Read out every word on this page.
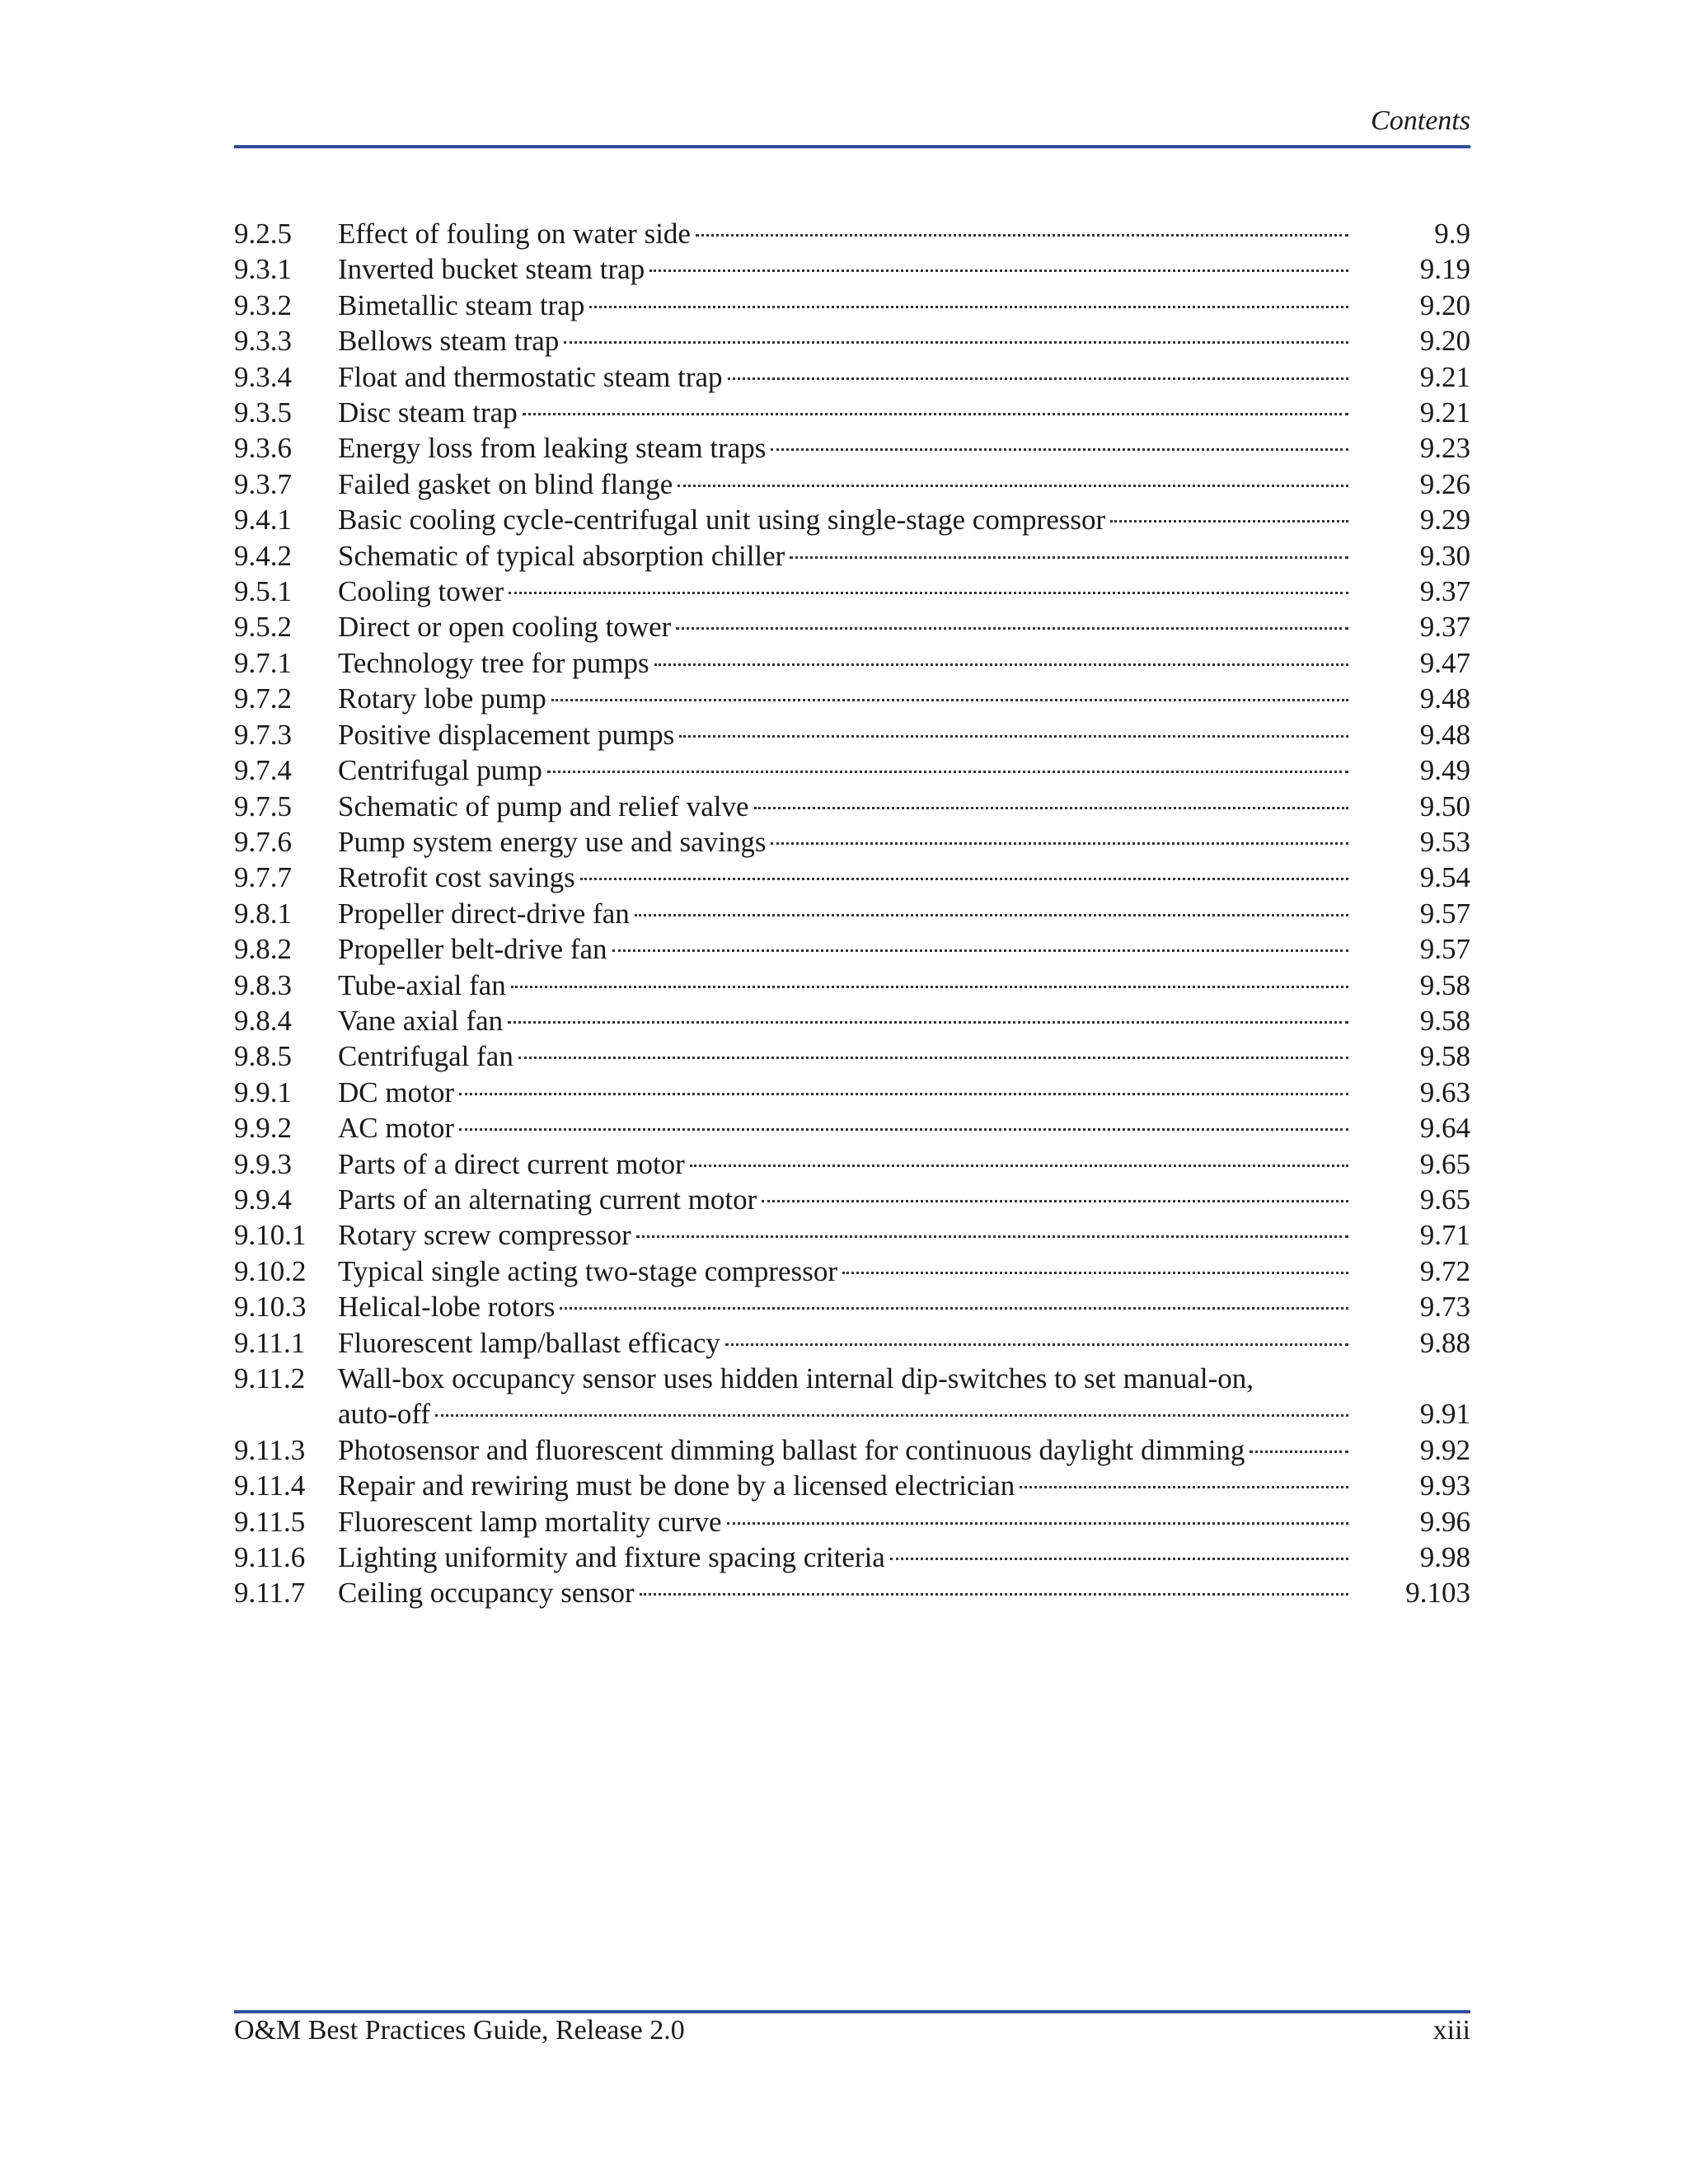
Contents
9.2.5	Effect of fouling on water side	9.9
9.3.1	Inverted bucket steam trap	9.19
9.3.2	Bimetallic steam trap	9.20
9.3.3	Bellows steam trap	9.20
9.3.4	Float and thermostatic steam trap	9.21
9.3.5	Disc steam trap	9.21
9.3.6	Energy loss from leaking steam traps	9.23
9.3.7	Failed gasket on blind flange	9.26
9.4.1	Basic cooling cycle-centrifugal unit using single-stage compressor	9.29
9.4.2	Schematic of typical absorption chiller	9.30
9.5.1	Cooling tower	9.37
9.5.2	Direct or open cooling tower	9.37
9.7.1	Technology tree for pumps	9.47
9.7.2	Rotary lobe pump	9.48
9.7.3	Positive displacement pumps	9.48
9.7.4	Centrifugal pump	9.49
9.7.5	Schematic of pump and relief valve	9.50
9.7.6	Pump system energy use and savings	9.53
9.7.7	Retrofit cost savings	9.54
9.8.1	Propeller direct-drive fan	9.57
9.8.2	Propeller belt-drive fan	9.57
9.8.3	Tube-axial fan	9.58
9.8.4	Vane axial fan	9.58
9.8.5	Centrifugal fan	9.58
9.9.1	DC motor	9.63
9.9.2	AC motor	9.64
9.9.3	Parts of a direct current motor	9.65
9.9.4	Parts of an alternating current motor	9.65
9.10.1	Rotary screw compressor	9.71
9.10.2	Typical single acting two-stage compressor	9.72
9.10.3	Helical-lobe rotors	9.73
9.11.1	Fluorescent lamp/ballast efficacy	9.88
9.11.2	Wall-box occupancy sensor uses hidden internal dip-switches to set manual-on,
auto-off	9.91
9.11.3	Photosensor and fluorescent dimming ballast for continuous daylight dimming	9.92
9.11.4	Repair and rewiring must be done by a licensed electrician	9.93
9.11.5	Fluorescent lamp mortality curve	9.96
9.11.6	Lighting uniformity and fixture spacing criteria	9.98
9.11.7	Ceiling occupancy sensor	9.103
O&M Best Practices Guide, Release 2.0	xiii
